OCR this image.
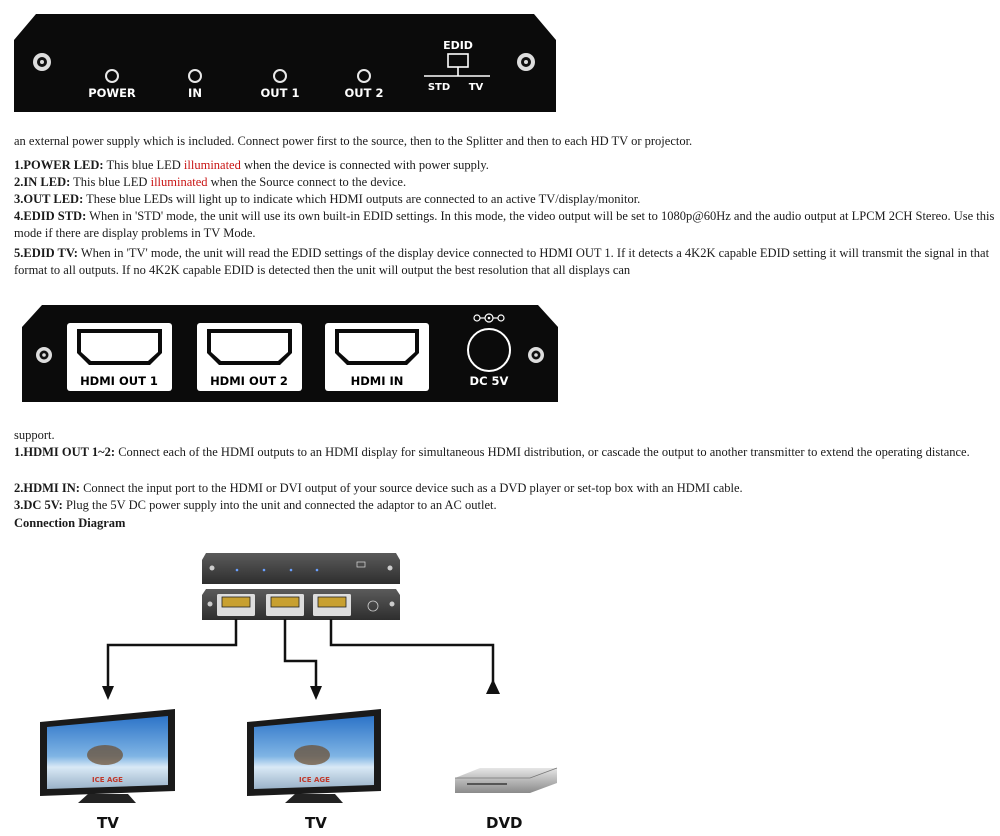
POWER	IN	OUT 1	OUT 2
EDID
STD TV
an external power supply which is included. Connect power first to the source, then to the Splitter and then to each HD TV or projector.
1.POWER LED: This blue LED illuminated when the device is connected with power supply.
2.IN LED: This blue LED illuminated when the Source connect to the device.
3.OUT LED: These blue LEDs will light up to indicate which HDMI outputs are connected to an active TV/display/monitor.
4.EDID STD: When in 'STD' mode, the unit will use its own built-in EDID settings. In this mode, the video output will be set to 1080p@60Hz and the audio output at LPCM 2CH Stereo. Use this mode if there are display problems in TV Mode.
5.EDID TV: When in 'TV' mode, the unit will read the EDID settings of the display device connected to HDMI OUT 1. If it detects a 4K2K capable EDID setting it will transmit the signal in that format to all outputs. If no 4K2K capable EDID is detected then the unit will output the best resolution that all displays can
HDMI OUT 1	HDMI OUT 2	HDMI IN	DC 5V
support.
1.HDMI OUT 1~2: Connect each of the HDMI outputs to an HDMI display for simultaneous HDMI distribution, or cascade the output to another transmitter to extend the operating distance.
2.HDMI IN: Connect the input port to the HDMI or DVI output of your source device such as a DVD player or set-top box with an HDMI cable.
3.DC 5V: Plug the 5V DC power supply into the unit and connected the adaptor to an AC outlet.
Connection Diagram
ICE AGE	ICE AGE
TV	TV	DVD
